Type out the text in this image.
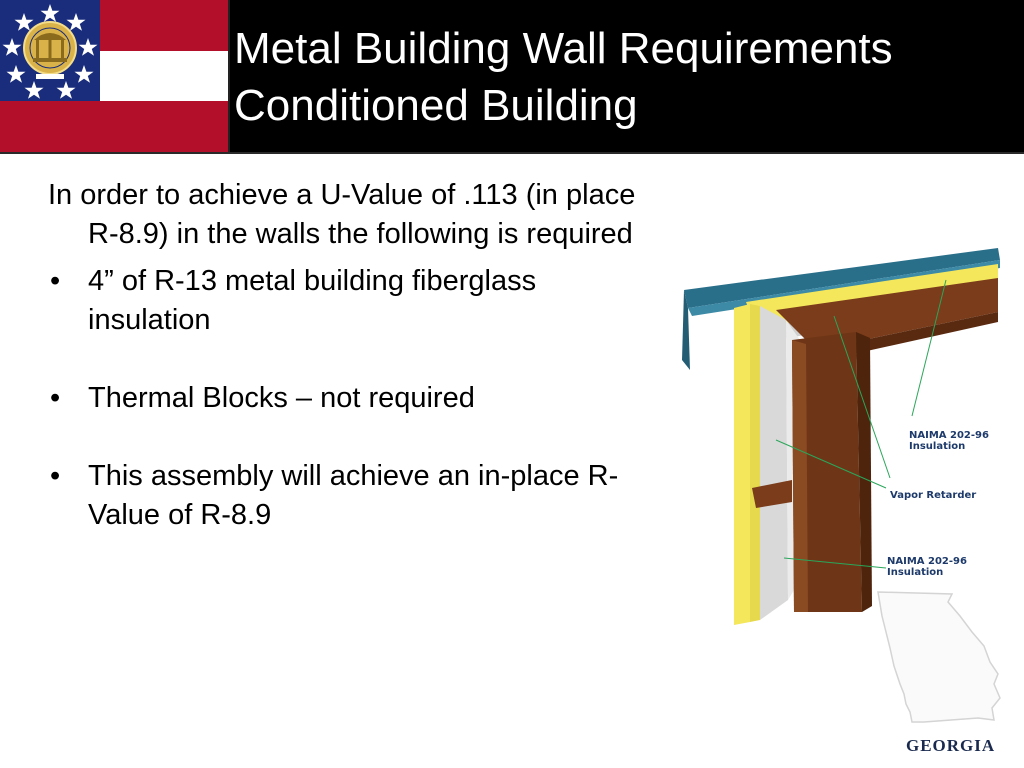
Metal Building Wall Requirements
Conditioned Building

In order to achieve a U-Value of .113 (in place R-8.9) in the walls the following is required

• 4” of R-13 metal building fiberglass insulation
• Thermal Blocks – not required
• This assembly will achieve an in-place R-Value of R-8.9
NAIMA 202-96
Insulation
Vapor Retarder
NAIMA 202-96
Insulation
GEORGIA
